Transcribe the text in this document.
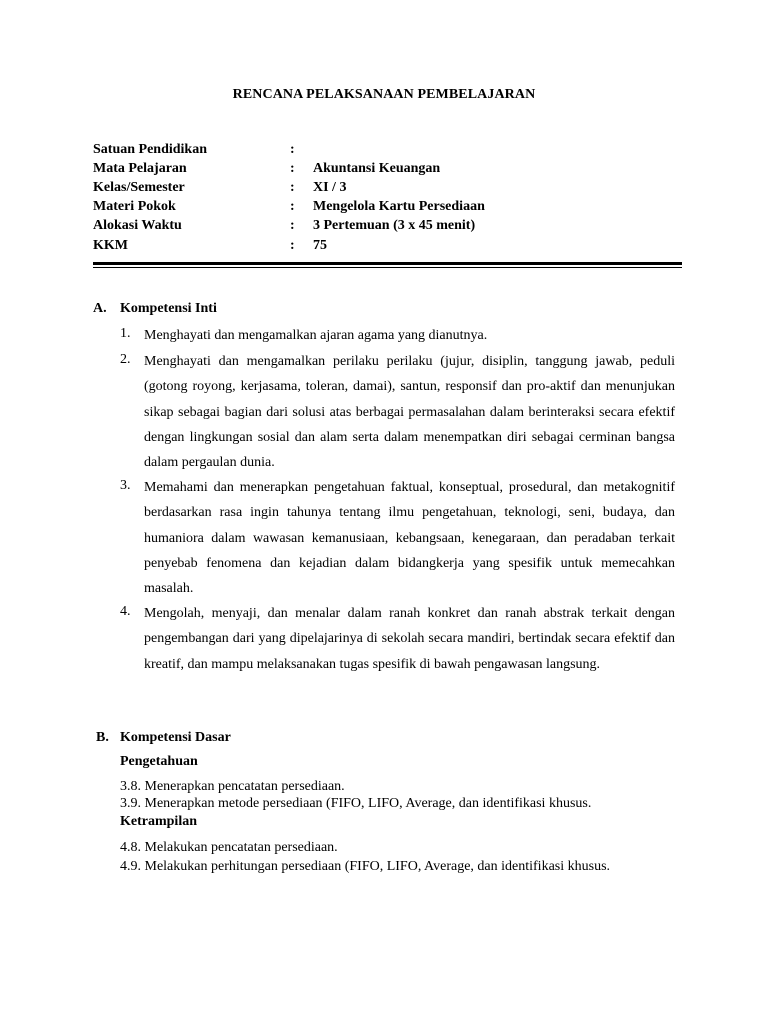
RENCANA PELAKSANAAN PEMBELAJARAN
Satuan Pendidikan	:
Mata Pelajaran	: Akuntansi Keuangan
Kelas/Semester	: XI / 3
Materi Pokok	: Mengelola Kartu Persediaan
Alokasi Waktu	: 3 Pertemuan (3 x 45 menit)
KKM	: 75
A. Kompetensi Inti
1. Menghayati dan mengamalkan ajaran agama yang dianutnya.
2. Menghayati dan mengamalkan perilaku perilaku (jujur, disiplin, tanggung jawab, peduli (gotong royong, kerjasama, toleran, damai), santun, responsif dan pro-aktif dan menunjukan sikap sebagai bagian dari solusi atas berbagai permasalahan dalam berinteraksi secara efektif dengan lingkungan sosial dan alam serta dalam menempatkan diri sebagai cerminan bangsa dalam pergaulan dunia.
3. Memahami dan menerapkan pengetahuan faktual, konseptual, prosedural, dan metakognitif berdasarkan rasa ingin tahunya tentang ilmu pengetahuan, teknologi, seni, budaya, dan humaniora dalam wawasan kemanusiaan, kebangsaan, kenegaraan, dan peradaban terkait penyebab fenomena dan kejadian dalam bidangkerja yang spesifik untuk memecahkan masalah.
4. Mengolah, menyaji, dan menalar dalam ranah konkret dan ranah abstrak terkait dengan pengembangan dari yang dipelajarinya di sekolah secara mandiri, bertindak secara efektif dan kreatif, dan mampu melaksanakan tugas spesifik di bawah pengawasan langsung.
B. Kompetensi Dasar
Pengetahuan
3.8. Menerapkan pencatatan persediaan.
3.9. Menerapkan metode persediaan (FIFO, LIFO, Average, dan identifikasi khusus.
Ketrampilan
4.8. Melakukan pencatatan persediaan.
4.9. Melakukan perhitungan persediaan (FIFO, LIFO, Average, dan identifikasi khusus.
